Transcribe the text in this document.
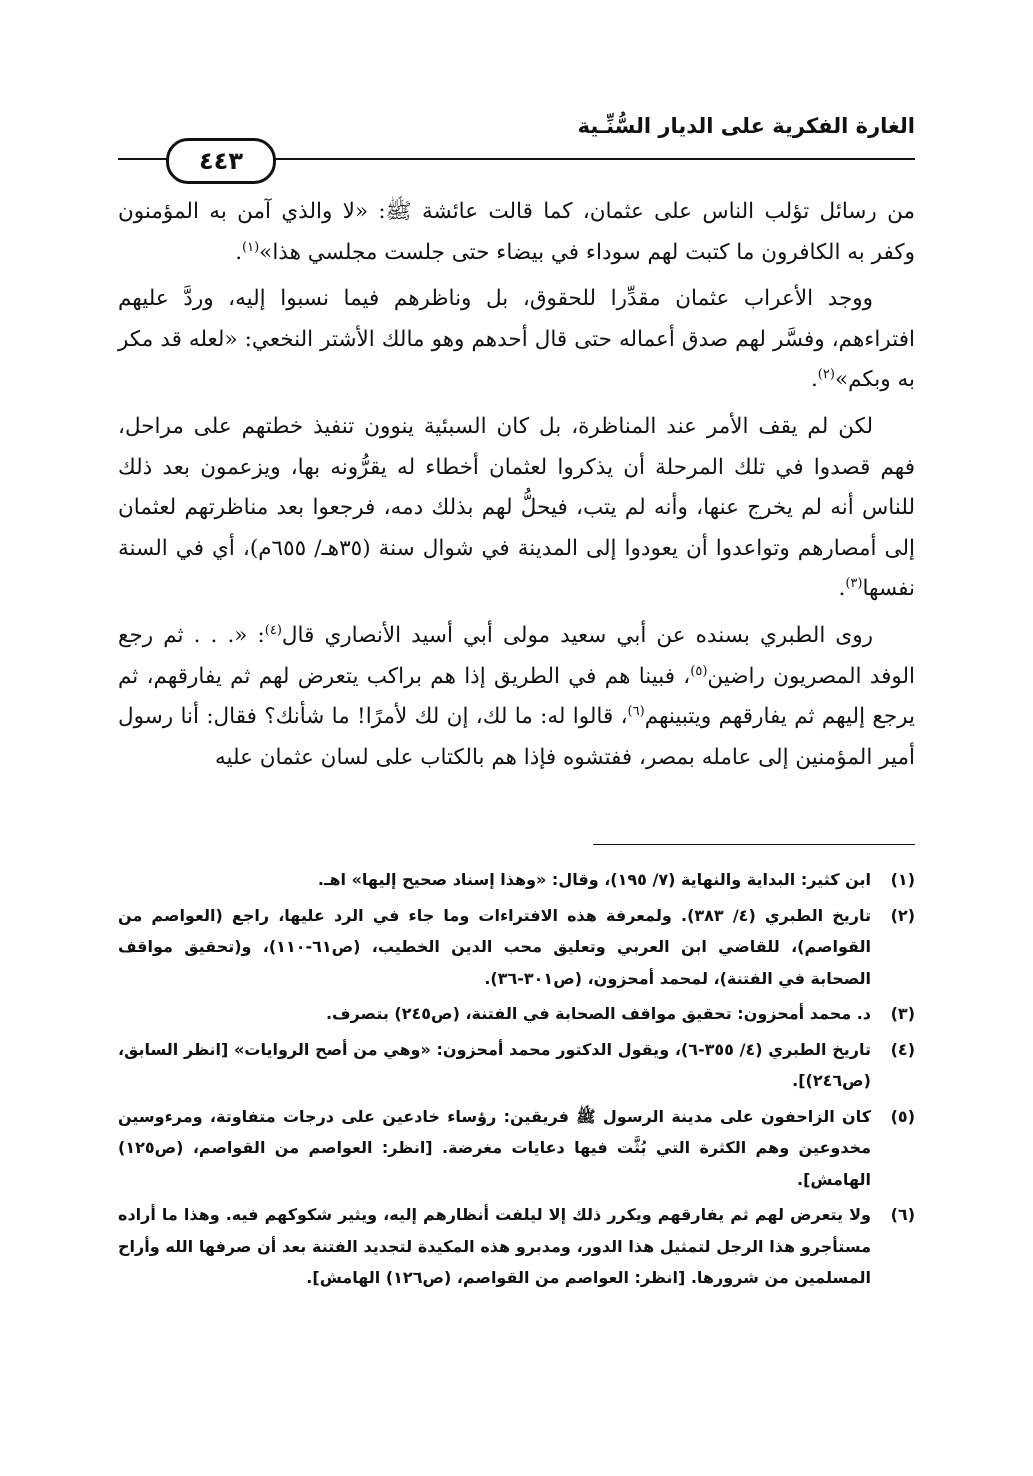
الغارة الفكرية على الديار السُّنِّـية
٤٤٣

من رسائل تؤلب الناس على عثمان، كما قالت عائشة ﷺ: «لا والذي آمن به المؤمنون وكفر به الكافرون ما كتبت لهم سوداء في بيضاء حتى جلست مجلسي هذا»$^{(١)}$.

ووجد الأعراب عثمان مقدِّرا للحقوق، بل وناظرهم فيما نسبوا إليه، وردَّ عليهم افتراءهم، وفسَّر لهم صدق أعماله حتى قال أحدهم وهو مالك الأشتر النخعي: «لعله قد مكر به وبكم»$^{(٢)}$.

لكن لم يقف الأمر عند المناظرة، بل كان السبئية ينوون تنفيذ خطتهم على مراحل، فهم قصدوا في تلك المرحلة أن يذكروا لعثمان أخطاء له يقرُّونه بها، ويزعمون بعد ذلك للناس أنه لم يخرج عنها، وأنه لم يتب، فيحلُّ لهم بذلك دمه، فرجعوا بعد مناظرتهم لعثمان إلى أمصارهم وتواعدوا أن يعودوا إلى المدينة في شوال سنة (٣٥هـ/ ٦٥٥م)، أي في السنة نفسها$^{(٣)}$.

روى الطبري بسنده عن أبي سعيد مولى أبي أسيد الأنصاري قال$^{(٤)}$: «. . . ثم رجع الوفد المصريون راضين$^{(٥)}$، فبينا هم في الطريق إذا هم براكب يتعرض لهم ثم يفارقهم، ثم يرجع إليهم ثم يفارقهم ويتبينهم$^{(٦)}$، قالوا له: ما لك، إن لك لأمرًا! ما شأنك؟ فقال: أنا رسول أمير المؤمنين إلى عامله بمصر، ففتشوه فإذا هم بالكتاب على لسان عثمان عليه

(١)
ابن كثير: البداية والنهاية (٧/ ١٩٥)، وقال: «وهذا إسناد صحيح إليها» اهـ.
(٢)
تاريخ الطبري (٤/ ٣٨٣). ولمعرفة هذه الافتراءات وما جاء في الرد عليها، راجع (العواصم من القواصم)، للقاضي ابن العربي وتعليق محب الدين الخطيب، (ص٦١-١١٠)، و(تحقيق مواقف الصحابة في الفتنة)، لمحمد أمحزون، (ص٣٠١-٣٦).
(٣)
د. محمد أمحزون: تحقيق مواقف الصحابة في الفتنة، (ص٢٤٥) بتصرف.
(٤)
تاريخ الطبري (٤/ ٣٥٥-٦)، ويقول الدكتور محمد أمحزون: «وهي من أصح الروايات» [انظر السابق، (ص٢٤٦)].
(٥)
كان الزاحفون على مدينة الرسول ﷺ فريقين: رؤساء خادعين على درجات متفاوتة، ومرءوسين مخدوعين وهم الكثرة التي بُثَّت فيها دعايات مغرضة. [انظر: العواصم من القواصم، (ص١٢٥) الهامش].
(٦)
ولا يتعرض لهم ثم يفارقهم ويكرر ذلك إلا ليلفت أنظارهم إليه، ويثير شكوكهم فيه. وهذا ما أراده مستأجرو هذا الرجل لتمثيل هذا الدور، ومدبرو هذه المكيدة لتجديد الفتنة بعد أن صرفها الله وأراح المسلمين من شرورها. [انظر: العواصم من القواصم، (ص١٢٦) الهامش].
